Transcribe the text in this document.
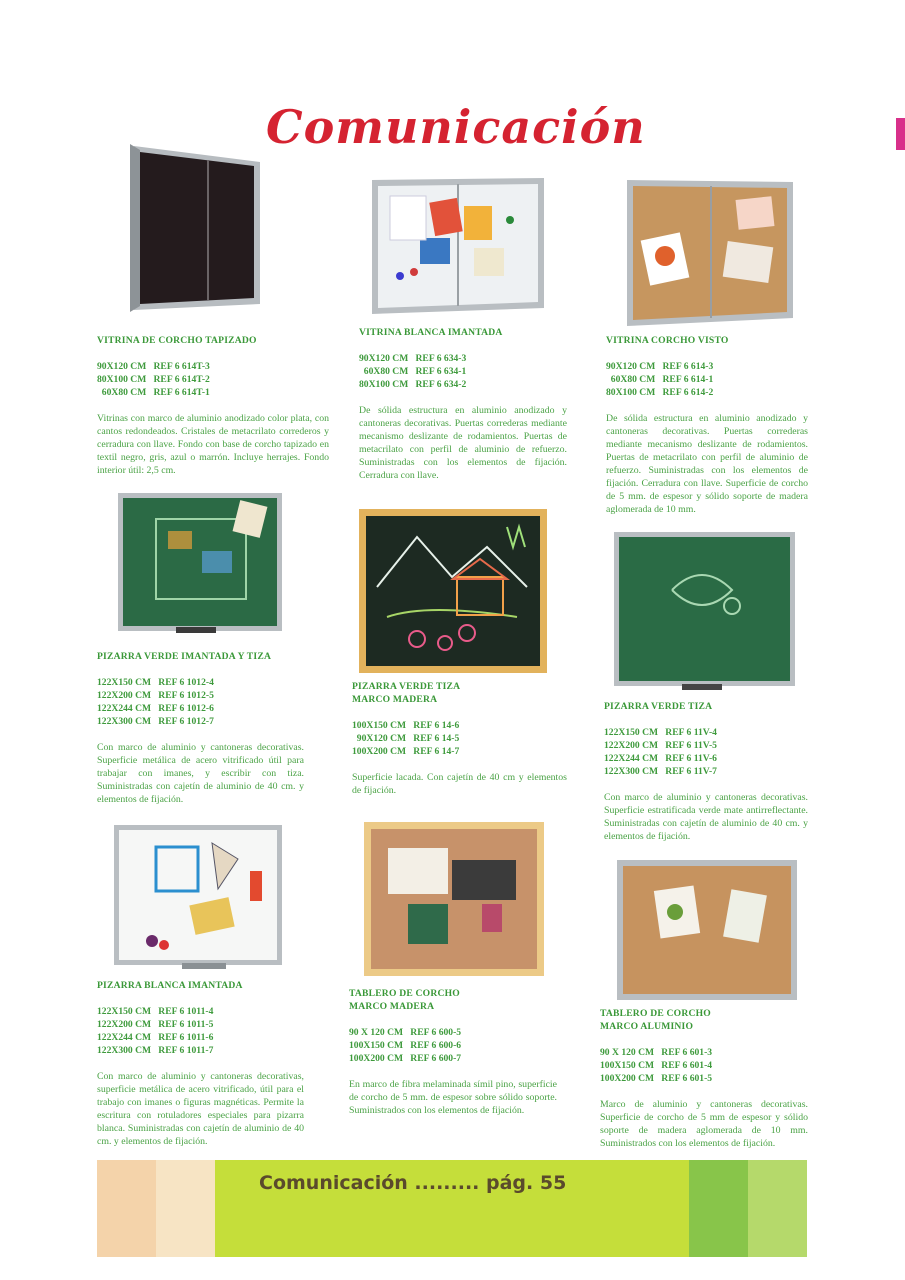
Comunicación

VITRINA DE CORCHO TAPIZADO

90X120 CM   REF 6 614T-3
80X100 CM   REF 6 614T-2
60X80 CM   REF 6 614T-1

Vitrinas con marco de aluminio anodizado color plata, con cantos redondeados. Cristales de metacrilato correderos y cerradura con llave. Fondo con base de corcho tapizado en textil negro, gris, azul o marrón. Incluye herrajes. Fondo interior útil: 2,5 cm.

VITRINA BLANCA IMANTADA

90X120 CM   REF 6 634-3
60X80 CM   REF 6 634-1
80X100 CM   REF 6 634-2

De sólida estructura en aluminio anodizado y cantoneras decorativas. Puertas correderas mediante mecanismo deslizante de rodamientos. Puertas de metacrilato con perfil de aluminio de refuerzo. Suministradas con los elementos de fijación. Cerradura con llave.

VITRINA CORCHO VISTO

90X120 CM   REF 6 614-3
60X80 CM   REF 6 614-1
80X100 CM   REF 6 614-2

De sólida estructura en aluminio anodizado y cantoneras decorativas. Puertas correderas mediante mecanismo deslizante de rodamientos. Puertas de metacrilato con perfil de aluminio de refuerzo. Suministradas con los elementos de fijación. Cerradura con llave. Superficie de corcho de 5 mm. de espesor y sólido soporte de madera aglomerada de 10 mm.

PIZARRA VERDE IMANTADA Y TIZA

122X150 CM   REF 6 1012-4
122X200 CM   REF 6 1012-5
122X244 CM   REF 6 1012-6
122X300 CM   REF 6 1012-7

Con marco de aluminio y cantoneras decorativas. Superficie metálica de acero vitrificado útil para trabajar con imanes, y escribir con tiza. Suministradas con cajetín de aluminio de 40 cm. y elementos de fijación.

PIZARRA VERDE TIZA
MARCO MADERA

100X150 CM   REF 6 14-6
90X120 CM   REF 6 14-5
100X200 CM   REF 6 14-7

Superficie lacada. Con cajetín de 40 cm y elementos de fijación.

PIZARRA VERDE TIZA

122X150 CM   REF 6 11V-4
122X200 CM   REF 6 11V-5
122X244 CM   REF 6 11V-6
122X300 CM   REF 6 11V-7

Con marco de aluminio y cantoneras decorativas. Superficie estratificada verde mate antirreflectante. Suministradas con cajetín de aluminio de 40 cm. y elementos de fijación.

PIZARRA BLANCA IMANTADA

122X150 CM   REF 6 1011-4
122X200 CM   REF 6 1011-5
122X244 CM   REF 6 1011-6
122X300 CM   REF 6 1011-7

Con marco de aluminio y cantoneras decorativas, superficie metálica de acero vitrificado, útil para el trabajo con imanes o figuras magnéticas. Permite la escritura con rotuladores especiales para pizarra blanca. Suministradas con cajetín de aluminio de 40 cm. y elementos de fijación.

TABLERO DE CORCHO
MARCO MADERA

90 X 120 CM   REF 6 600-5
100X150 CM   REF 6 600-6
100X200 CM   REF 6 600-7

En marco de fibra melaminada símil pino, superficie de corcho de 5 mm. de espesor sobre sólido soporte. Suministrados con los elementos de fijación.

TABLERO DE CORCHO
MARCO ALUMINIO

90 X 120 CM   REF 6 601-3
100X150 CM   REF 6 601-4
100X200 CM   REF 6 601-5

Marco de aluminio y cantoneras decorativas. Superficie de corcho de 5 mm de espesor y sólido soporte de madera aglomerada de 10 mm. Suministrados con los elementos de fijación.

Comunicación ......... pág. 55
